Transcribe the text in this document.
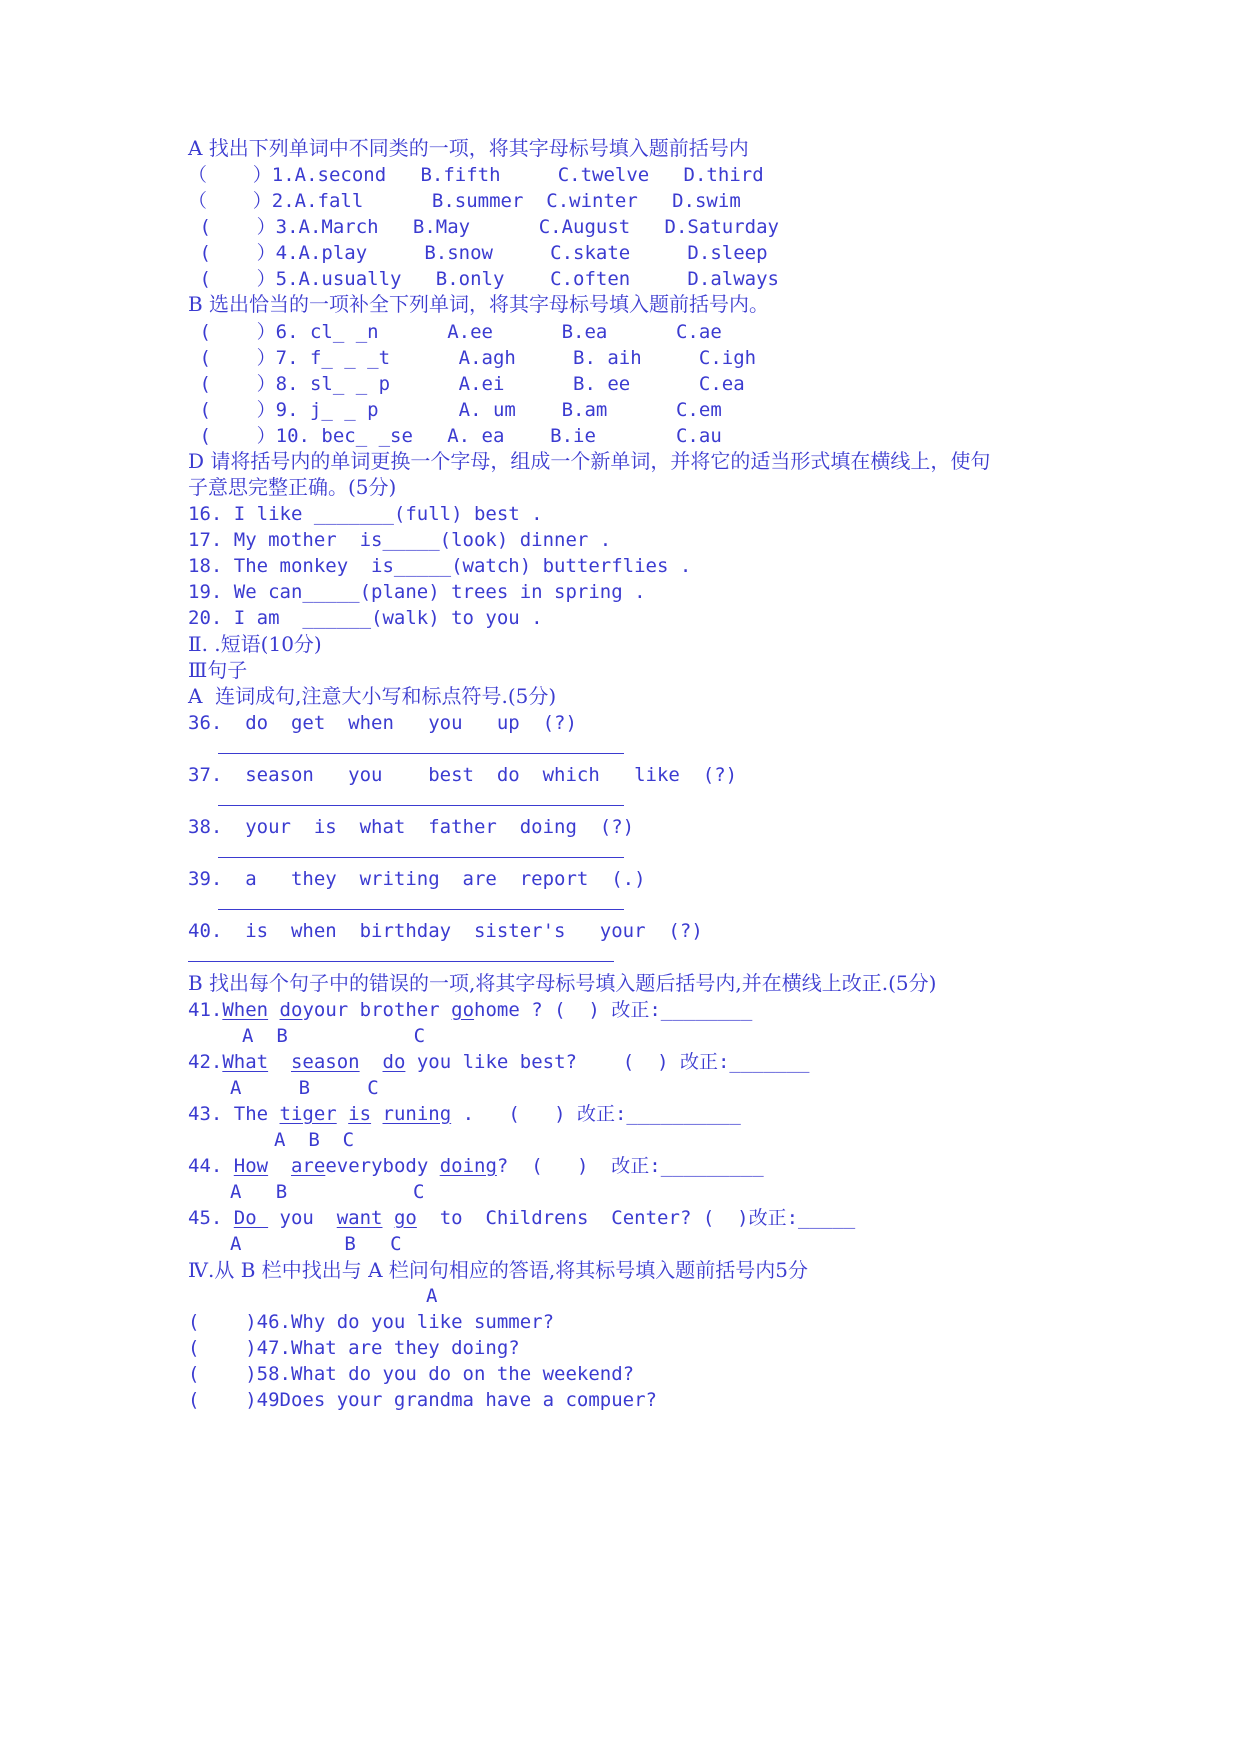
A 找出下列单词中不同类的一项，将其字母标号填入题前括号内
（    ）1.A.second   B.fifth     C.twelve   D.third
（    ）2.A.fall      B.summer  C.winter   D.swim
(    ）3.A.March   B.May      C.August   D.Saturday
(    ）4.A.play     B.snow     C.skate     D.sleep
(    ）5.A.usually   B.only    C.often     D.always
B 选出恰当的一项补全下列单词，将其字母标号填入题前括号内。
(    ）6. cl_ _n      A.ee      B.ea      C.ae
(    ）7. f_ _ _t      A.agh     B. aih     C.igh
(    ）8. sl_ _ p      A.ei      B. ee      C.ea
(    ）9. j_ _ p       A. um    B.am      C.em
(    ）10. bec_ _se   A. ea    B.ie       C.au
D 请将括号内的单词更换一个字母，组成一个新单词，并将它的适当形式填在横线上，使句
子意思完整正确。(5分)
16. I like _______(full) best .
17. My mother  is_____(look) dinner .
18. The monkey  is_____(watch) butterflies .
19. We can_____(plane) trees in spring .
20. I am  ______(walk) to you .
Ⅱ. .短语(10分)
Ⅲ句子
A  连词成句,注意大小写和标点符号.(5分)
36.  do  get  when   you   up  (?)
37.  season   you    best  do  which   like  (?)
38.  your  is  what  father  doing  (?)
39.  a   they  writing  are  report  (.)
40.  is  when  birthday  sister's   your  (?)
B 找出每个句子中的错误的一项,将其字母标号填入题后括号内,并在横线上改正.(5分)
41.When doyour brother gohome ? (  ) 改正:________
A  B           C
42.What season do you like best?    (  ) 改正:_______
A     B     C
43. The tiger is runing .   (   ) 改正:__________
A  B  C
44. How areeverybody doing?  (   )  改正:_________
A   B           C
45. Do  you  want go  to  Childrens  Center? (  )改正:_____
A         B   C
Ⅳ.从 B 栏中找出与 A 栏问句相应的答语,将其标号填入题前括号内5分
A
(    )46.Why do you like summer?
(    )47.What are they doing?
(    )58.What do you do on the weekend?
(    )49Does your grandma have a compuer?
